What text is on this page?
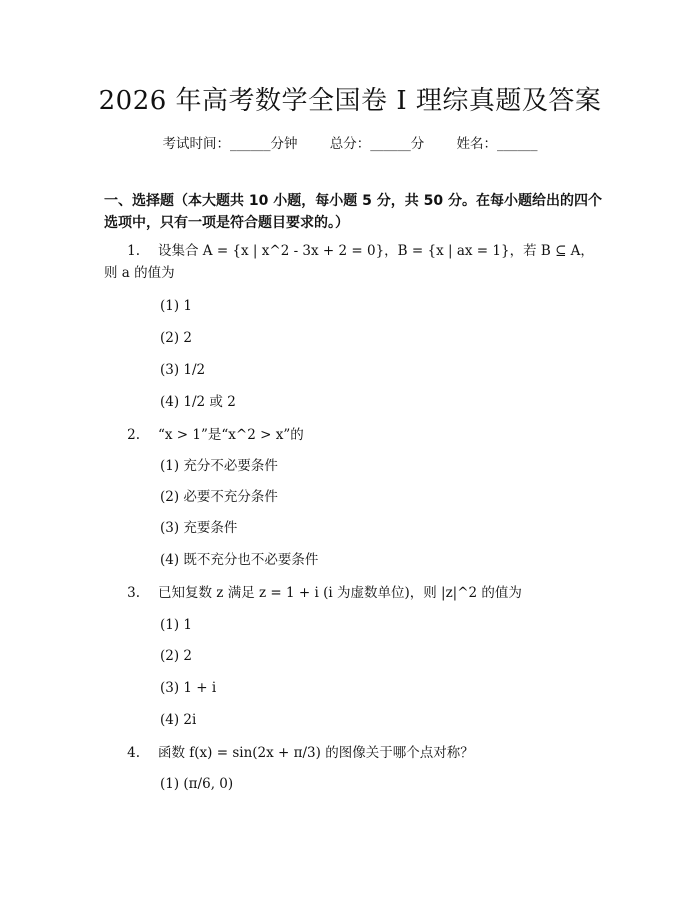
2026 年高考数学全国卷 I 理综真题及答案
考试时间：______分钟 总分：______分 姓名：______
一、选择题（本大题共 10 小题，每小题 5 分，共 50 分。在每小题给出的四个选项中，只有一项是符合题目要求的。）
1. 设集合 A = {x | x^2 - 3x + 2 = 0}，B = {x | ax = 1}，若 B ⊆ A，则 a 的值为
(1) 1
(2) 2
(3) 1/2
(4) 1/2 或 2
2. “x > 1”是“x^2 > x”的
(1) 充分不必要条件
(2) 必要不充分条件
(3) 充要条件
(4) 既不充分也不必要条件
3. 已知复数 z 满足 z = 1 + i (i 为虚数单位)，则 |z|^2 的值为
(1) 1
(2) 2
(3) 1 + i
(4) 2i
4. 函数 f(x) = sin(2x + π/3) 的图像关于哪个点对称？
(1) (π/6, 0)
